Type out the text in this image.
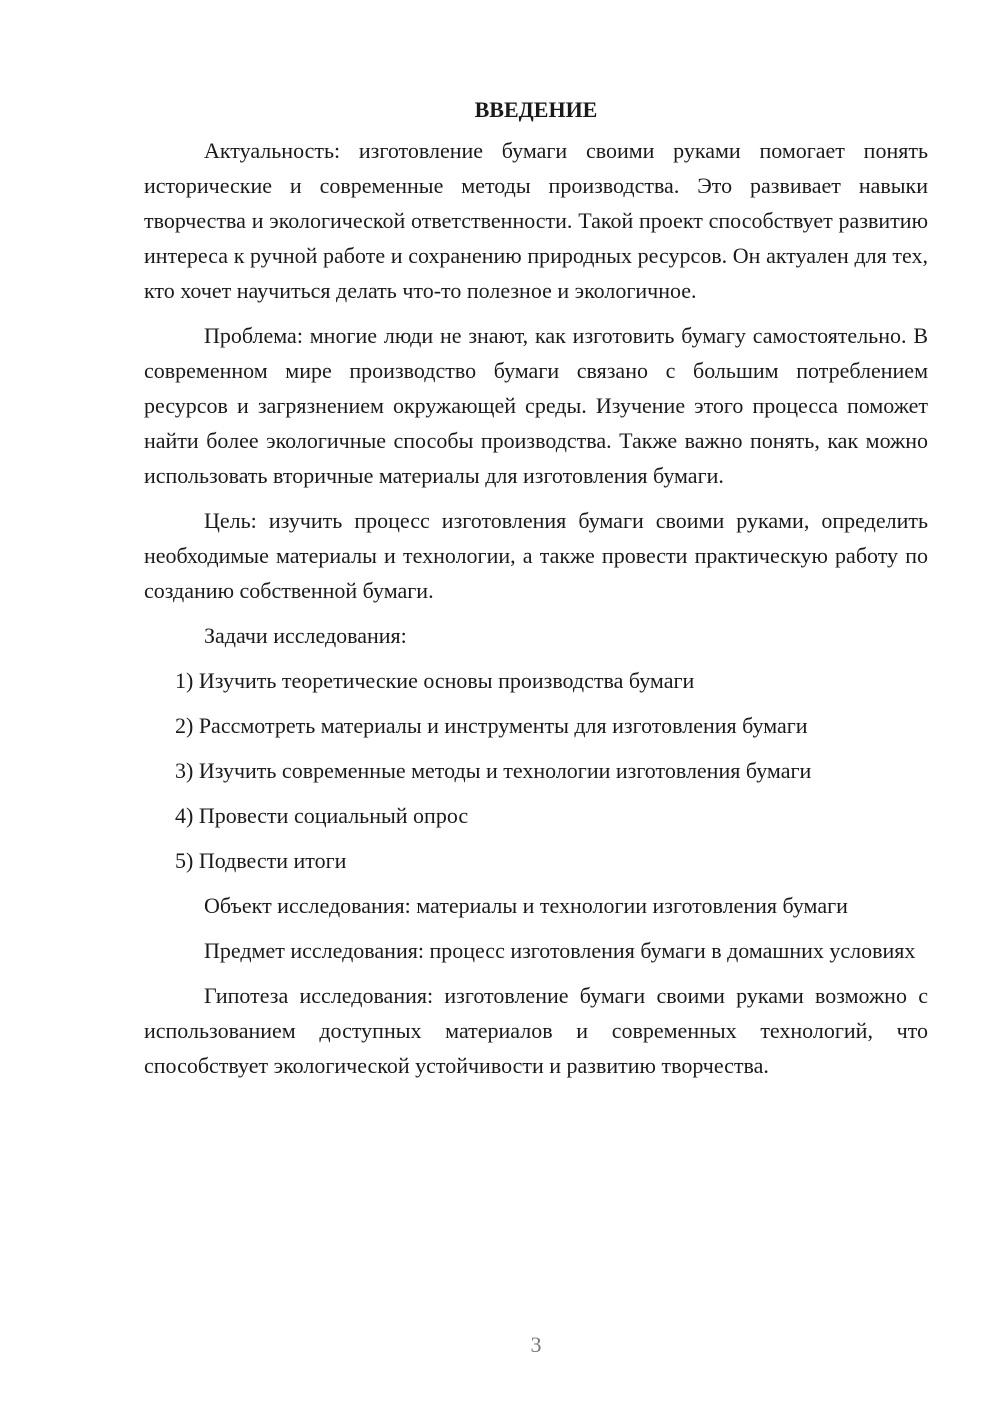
ВВЕДЕНИЕ

Актуальность: изготовление бумаги своими руками помогает понять исторические и современные методы производства. Это развивает навыки творчества и экологической ответственности. Такой проект способствует развитию интереса к ручной работе и сохранению природных ресурсов. Он актуален для тех, кто хочет научиться делать что-то полезное и экологичное.

Проблема: многие люди не знают, как изготовить бумагу самостоятельно. В современном мире производство бумаги связано с большим потреблением ресурсов и загрязнением окружающей среды. Изучение этого процесса поможет найти более экологичные способы производства. Также важно понять, как можно использовать вторичные материалы для изготовления бумаги.

Цель: изучить процесс изготовления бумаги своими руками, определить необходимые материалы и технологии, а также провести практическую работу по созданию собственной бумаги.

Задачи исследования:

1) Изучить теоретические основы производства бумаги
2) Рассмотреть материалы и инструменты для изготовления бумаги
3) Изучить современные методы и технологии изготовления бумаги
4) Провести социальный опрос
5) Подвести итоги

Объект исследования: материалы и технологии изготовления бумаги

Предмет исследования: процесс изготовления бумаги в домашних условиях

Гипотеза исследования: изготовление бумаги своими руками возможно с использованием доступных материалов и современных технологий, что способствует экологической устойчивости и развитию творчества.

3
